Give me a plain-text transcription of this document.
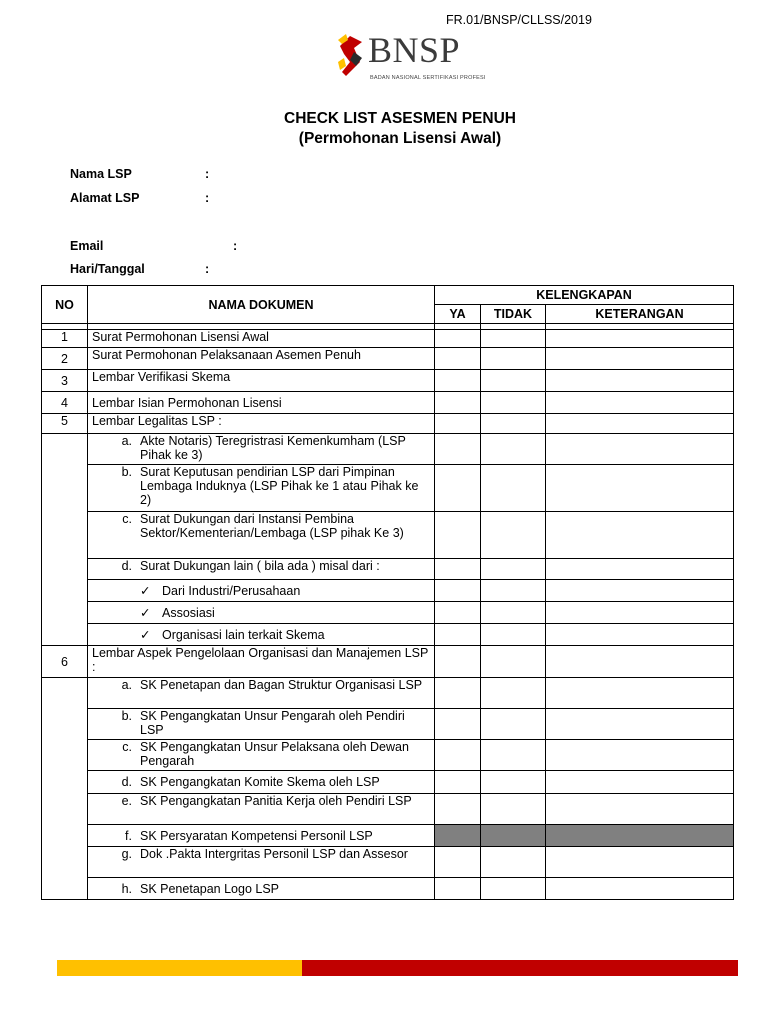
FR.01/BNSP/CLLSS/2019
BNSP
BADAN NASIONAL SERTIFIKASI PROFESI
CHECK LIST ASESMEN PENUH
(Permohonan Lisensi Awal)
Nama LSP	:
Alamat LSP	:
Email	:
Hari/Tanggal	:
NO	NAMA DOKUMEN	KELENGKAPAN		
		YA	TIDAK	KETERANGAN

1	Surat Permohonan Lisensi Awal			
2	Surat Permohonan Pelaksanaan Asemen Penuh			
3	Lembar Verifikasi Skema			
4	Lembar Isian Permohonan Lisensi			
5	Lembar Legalitas LSP :			

	a. Akte Notaris) Teregristrasi Kemenkumham (LSP Pihak ke 3)			

	b. Surat Keputusan pendirian LSP dari Pimpinan Lembaga Induknya (LSP Pihak ke 1 atau Pihak ke 2)			

	c. Surat Dukungan dari Instansi Pembina Sektor/Kementerian/Lembaga (LSP pihak Ke 3)			

	d. Surat Dukungan lain ( bila ada ) misal dari :			

	✓ Dari Industri/Perusahaan			

	✓ Assosiasi			

	✓ Organisasi lain terkait Skema			

6	Lembar Aspek Pengelolaan Organisasi dan Manajemen LSP :			

	a. SK Penetapan dan Bagan Struktur Organisasi LSP			

	b. SK Pengangkatan Unsur Pengarah oleh Pendiri LSP			

	c. SK Pengangkatan Unsur Pelaksana oleh Dewan Pengarah			

	d. SK Pengangkatan Komite Skema oleh LSP			

	e. SK Pengangkatan Panitia Kerja oleh Pendiri LSP			

	f. SK Persyaratan Kompetensi Personil LSP			

	g. Dok .Pakta Intergritas Personil LSP dan Assesor			

	h. SK Penetapan Logo LSP			
